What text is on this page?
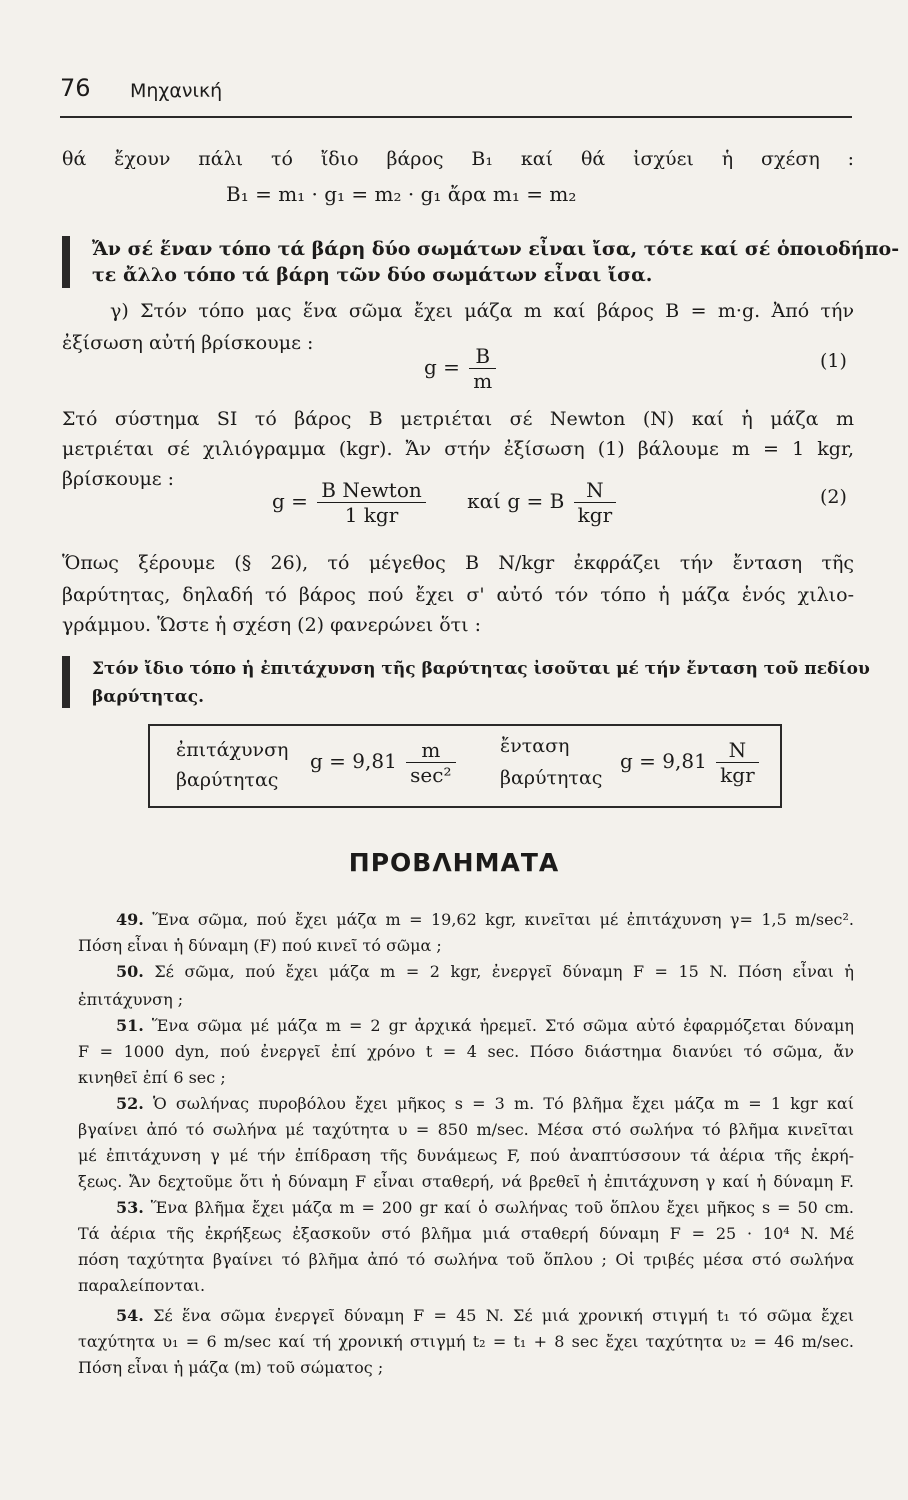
76 Μηχανική
θά ἔχουν πάλι τό ἴδιο βάρος Β₁ καί θά ἰσχύει ἡ σχέση :
Β₁ = m₁ · g₁ = m₂ · g₁ ἄρα m₁ = m₂
Ἄν σέ ἕναν τόπο τά βάρη δύο σωμάτων εἶναι ἴσα, τότε καί σέ ὁποιοδήπο-
τε ἄλλο τόπο τά βάρη τῶν δύο σωμάτων εἶναι ἴσα.
γ) Στόν τόπο μας ἕνα σῶμα ἔχει μάζα m καί βάρος Β = m·g. Ἀπό τήν
ἐξίσωση αὐτή βρίσκουμε :
$g = \frac{B}{m}$	(1)
Στό σύστημα SI τό βάρος Β μετριέται σέ Newton (N) καί ἡ μάζα m
μετριέται σέ χιλιόγραμμα (kgr). Ἄν στήν ἐξίσωση (1) βάλουμε m = 1 kgr,
βρίσκουμε :
$g = \frac{\text{Β Newton}}{\text{1 kgr}}$ καί g = Β $\frac{N}{\text{kgr}}$	(2)
Ὅπως ξέρουμε (§ 26), τό μέγεθος Β N/kgr ἐκφράζει τήν ἔνταση τῆς
βαρύτητας, δηλαδή τό βάρος πού ἔχει σ' αὐτό τόν τόπο ἡ μάζα ἑνός χιλιο-
γράμμου. Ὥστε ἡ σχέση (2) φανερώνει ὅτι :
Στόν ἴδιο τόπο ἡ ἐπιτάχυνση τῆς βαρύτητας ἰσοῦται μέ τήν ἔνταση τοῦ πεδίου
βαρύτητας.
ἐπιτάχυνση
βαρύτητας
$g = 9,81 \frac{m}{\text{sec²}}$ ἔνταση
βαρύτητας
$g = 9,81 \frac{N}{\text{kgr}}$
ΠΡΟΒΛΗΜΑΤΑ
49. Ἕνα σῶμα, πού ἔχει μάζα m = 19,62 kgr, κινεῖται μέ ἐπιτάχυνση γ= 1,5 m/sec².
Πόση εἶναι ἡ δύναμη (F) πού κινεῖ τό σῶμα ;
50. Σέ σῶμα, πού ἔχει μάζα m = 2 kgr, ἐνεργεῖ δύναμη F = 15 N. Πόση εἶναι ἡ
ἐπιτάχυνση ;
51. Ἕνα σῶμα μέ μάζα m = 2 gr ἀρχικά ἠρεμεῖ. Στό σῶμα αὐτό ἐφαρμόζεται δύναμη
F = 1000 dyn, πού ἐνεργεῖ ἐπί χρόνο t = 4 sec. Πόσο διάστημα διανύει τό σῶμα, ἄν
κινηθεῖ ἐπί 6 sec ;
52. Ὁ σωλήνας πυροβόλου ἔχει μῆκος s = 3 m. Τό βλῆμα ἔχει μάζα m = 1 kgr καί
βγαίνει ἀπό τό σωλήνα μέ ταχύτητα υ = 850 m/sec. Μέσα στό σωλήνα τό βλῆμα κινεῖται
μέ ἐπιτάχυνση γ μέ τήν ἐπίδραση τῆς δυνάμεως F, πού ἀναπτύσσουν τά ἀέρια τῆς ἐκρή-
ξεως. Ἄν δεχτοῦμε ὅτι ἡ δύναμη F εἶναι σταθερή, νά βρεθεῖ ἡ ἐπιτάχυνση γ καί ἡ δύναμη F.
53. Ἕνα βλῆμα ἔχει μάζα m = 200 gr καί ὁ σωλήνας τοῦ ὅπλου ἔχει μῆκος s = 50 cm.
Τά ἀέρια τῆς ἐκρήξεως ἐξασκοῦν στό βλῆμα μιά σταθερή δύναμη F = 25 · 10⁴ N. Μέ
πόση ταχύτητα βγαίνει τό βλῆμα ἀπό τό σωλήνα τοῦ ὅπλου ; Οἱ τριβές μέσα στό σωλήνα
παραλείπονται.
54. Σέ ἕνα σῶμα ἐνεργεῖ δύναμη F = 45 N. Σέ μιά χρονική στιγμή t₁ τό σῶμα ἔχει
ταχύτητα υ₁ = 6 m/sec καί τή χρονική στιγμή t₂ = t₁ + 8 sec ἔχει ταχύτητα υ₂ = 46 m/sec.
Πόση εἶναι ἡ μάζα (m) τοῦ σώματος ;
